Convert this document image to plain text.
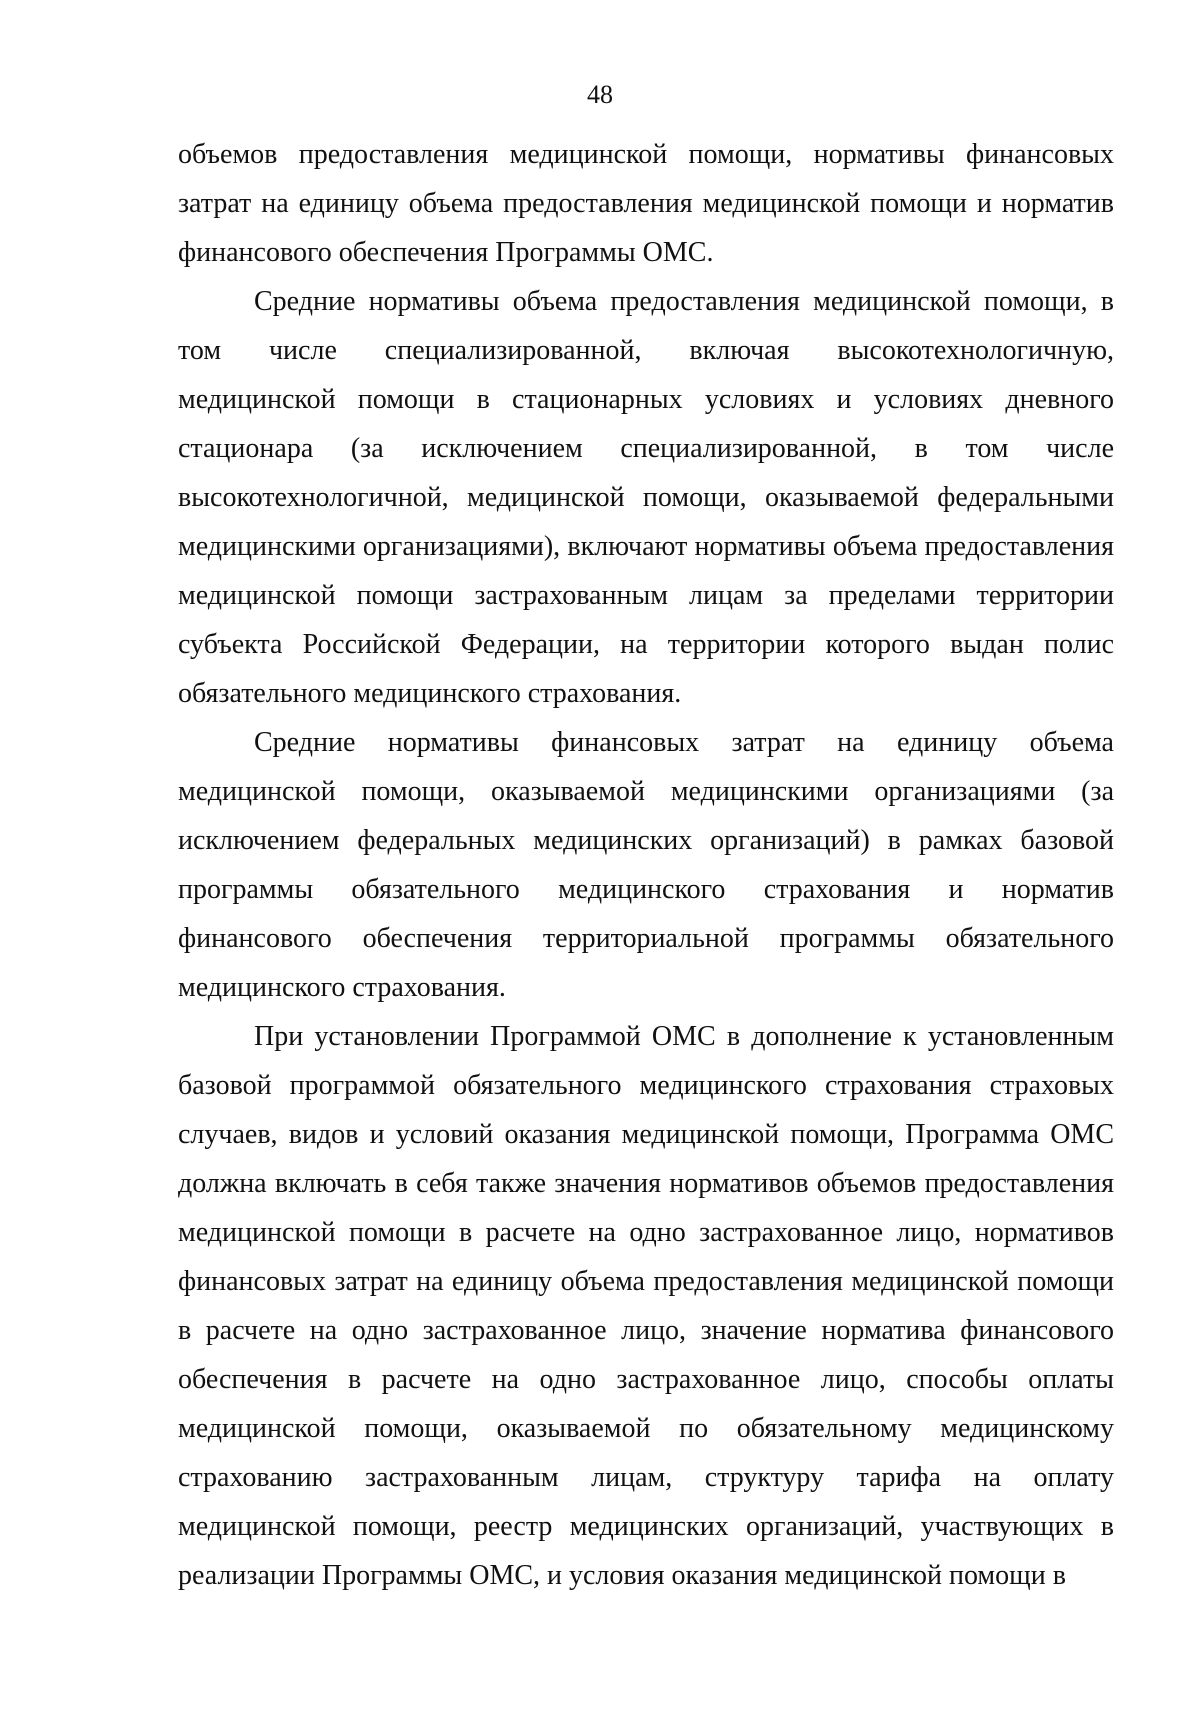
48

объемов предоставления медицинской помощи, нормативы финансовых затрат на единицу объема предоставления медицинской помощи и норматив финансового обеспечения Программы ОМС.

Средние нормативы объема предоставления медицинской помощи, в том числе специализированной, включая высокотехнологичную, медицинской помощи в стационарных условиях и условиях дневного стационара (за исключением специализированной, в том числе высокотехнологичной, медицинской помощи, оказываемой федеральными медицинскими организациями), включают нормативы объема предоставления медицинской помощи застрахованным лицам за пределами территории субъекта Российской Федерации, на территории которого выдан полис обязательного медицинского страхования.

Средние нормативы финансовых затрат на единицу объема медицинской помощи, оказываемой медицинскими организациями (за исключением федеральных медицинских организаций) в рамках базовой программы обязательного медицинского страхования и норматив финансового обеспечения территориальной программы обязательного медицинского страхования.

При установлении Программой ОМС в дополнение к установленным базовой программой обязательного медицинского страхования страховых случаев, видов и условий оказания медицинской помощи, Программа ОМС должна включать в себя также значения нормативов объемов предоставления медицинской помощи в расчете на одно застрахованное лицо, нормативов финансовых затрат на единицу объема предоставления медицинской помощи в расчете на одно застрахованное лицо, значение норматива финансового обеспечения в расчете на одно застрахованное лицо, способы оплаты медицинской помощи, оказываемой по обязательному медицинскому страхованию застрахованным лицам, структуру тарифа на оплату медицинской помощи, реестр медицинских организаций, участвующих в реализации Программы ОМС, и условия оказания медицинской помощи в
